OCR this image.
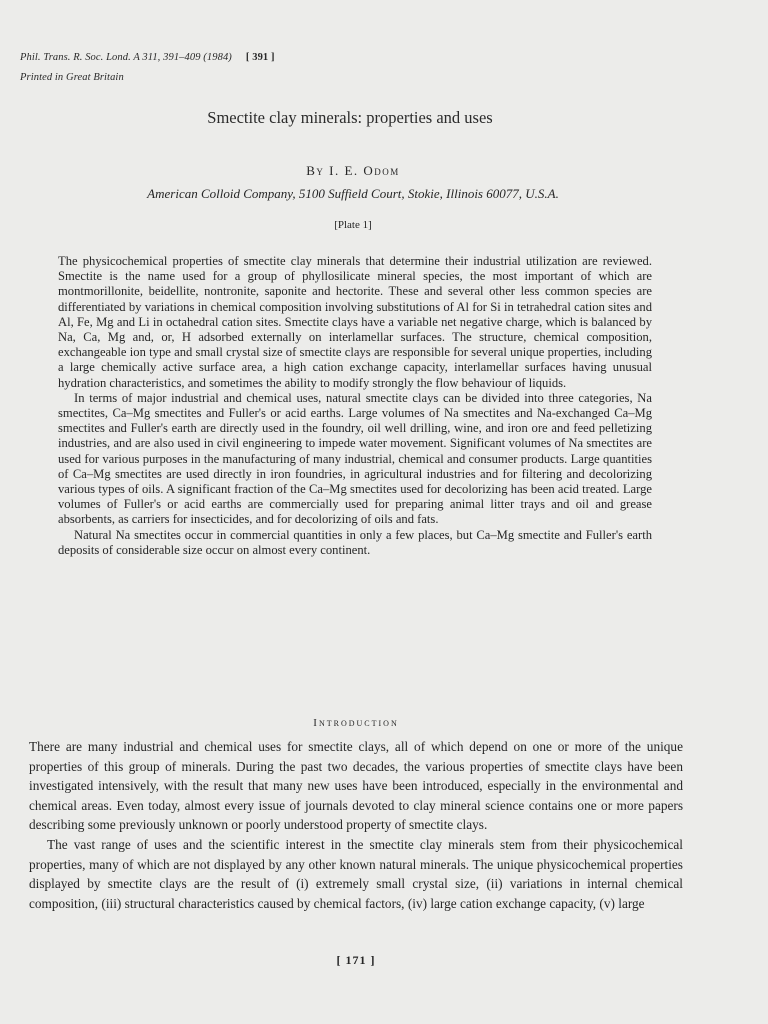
Phil. Trans. R. Soc. Lond. A 311, 391–409 (1984) [ 391 ]
Printed in Great Britain
Smectite clay minerals: properties and uses
By I. E. Odom
American Colloid Company, 5100 Suffield Court, Stokie, Illinois 60077, U.S.A.
[Plate 1]

The physicochemical properties of smectite clay minerals that determine their industrial utilization are reviewed. Smectite is the name used for a group of phyllosilicate mineral species, the most important of which are montmorillonite, beidellite, nontronite, saponite and hectorite. These and several other less common species are differentiated by variations in chemical composition involving substitutions of Al for Si in tetrahedral cation sites and Al, Fe, Mg and Li in octahedral cation sites. Smectite clays have a variable net negative charge, which is balanced by Na, Ca, Mg and, or, H adsorbed externally on interlamellar surfaces. The structure, chemical composition, exchangeable ion type and small crystal size of smectite clays are responsible for several unique properties, including a large chemically active surface area, a high cation exchange capacity, interlamellar surfaces having unusual hydration characteristics, and sometimes the ability to modify strongly the flow behaviour of liquids.

In terms of major industrial and chemical uses, natural smectite clays can be divided into three categories, Na smectites, Ca–Mg smectites and Fuller's or acid earths. Large volumes of Na smectites and Na-exchanged Ca–Mg smectites and Fuller's earth are directly used in the foundry, oil well drilling, wine, and iron ore and feed pelletizing industries, and are also used in civil engineering to impede water movement. Significant volumes of Na smectites are used for various purposes in the manufacturing of many industrial, chemical and consumer products. Large quantities of Ca–Mg smectites are used directly in iron foundries, in agricultural industries and for filtering and decolorizing various types of oils. A significant fraction of the Ca–Mg smectites used for decolorizing has been acid treated. Large volumes of Fuller's or acid earths are commercially used for preparing animal litter trays and oil and grease absorbents, as carriers for insecticides, and for decolorizing of oils and fats.

Natural Na smectites occur in commercial quantities in only a few places, but Ca–Mg smectite and Fuller's earth deposits of considerable size occur on almost every continent.

Introduction

There are many industrial and chemical uses for smectite clays, all of which depend on one or more of the unique properties of this group of minerals. During the past two decades, the various properties of smectite clays have been investigated intensively, with the result that many new uses have been introduced, especially in the environmental and chemical areas. Even today, almost every issue of journals devoted to clay mineral science contains one or more papers describing some previously unknown or poorly understood property of smectite clays.

The vast range of uses and the scientific interest in the smectite clay minerals stem from their physicochemical properties, many of which are not displayed by any other known natural minerals. The unique physicochemical properties displayed by smectite clays are the result of (i) extremely small crystal size, (ii) variations in internal chemical composition, (iii) structural characteristics caused by chemical factors, (iv) large cation exchange capacity, (v) large

[ 171 ]
